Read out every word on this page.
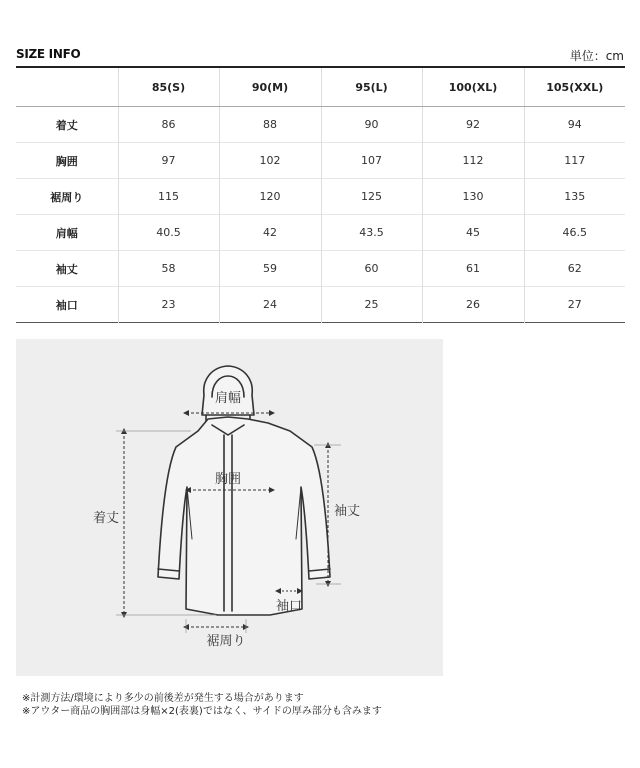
SIZE INFO	単位：cm
	85(S)	90(M)	95(L)	100(XL)	105(XXL)
着丈	86	88	90	92	94
胸囲	97	102	107	112	117
裾周り	115	120	125	130	135
肩幅	40.5	42	43.5	45	46.5
袖丈	58	59	60	61	62
袖口	23	24	25	26	27
肩幅
胸囲
着丈	袖丈
袖口
裾周り
※計測方法/環境により多少の前後差が発生する場合があります
※アウター商品の胸囲部は身幅×2(表裏)ではなく、サイドの厚み部分も含みます
